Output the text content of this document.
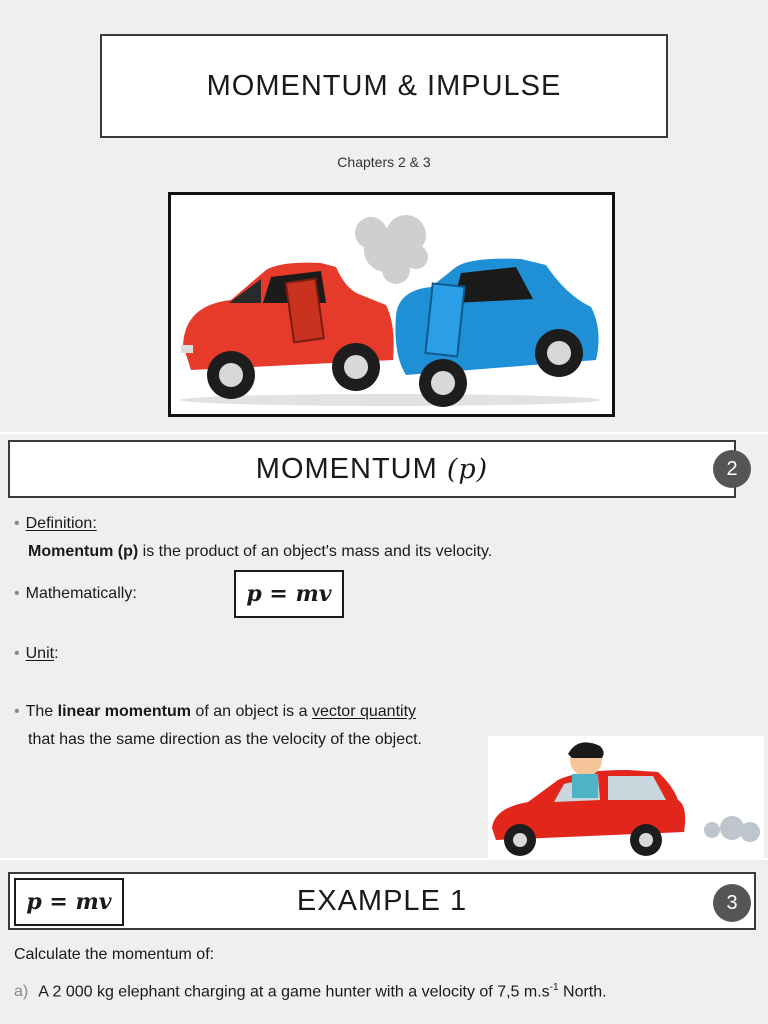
MOMENTUM & IMPULSE
Chapters 2 & 3
MOMENTUM (p)	2
• Definition:
Momentum (p) is the product of an object's mass and its velocity.
• Mathematically:	p = mv
• Unit:
• The linear momentum of an object is a vector quantity
that has the same direction as the velocity of the object.
EXAMPLE 1
p = mv	3
Calculate the momentum of:
a) A 2 000 kg elephant charging at a game hunter with a velocity of 7,5 $m.s^{-1}$ North.
